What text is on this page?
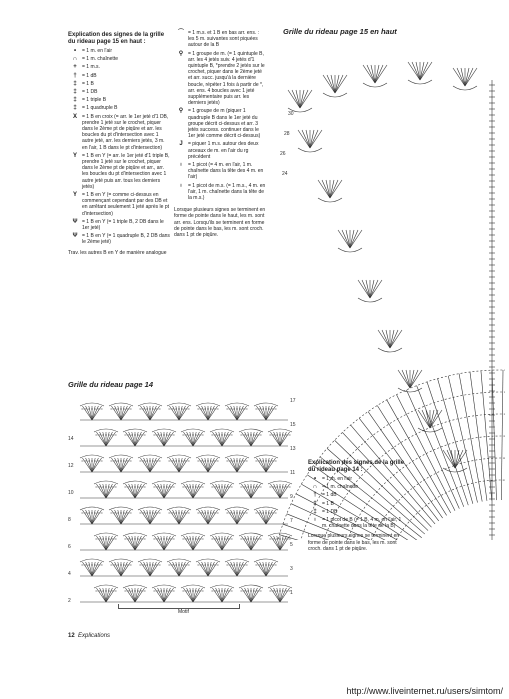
Explication des signes de la grille du rideau page 15 en haut :
•	= 1 m. en l'air
∩ = 1 m. chaînette
+	= 1 m.s.
†	= 1 dB
‡	= 1 B
‡	= 1 DB
‡	= 1 triple B
‡	= 1 quadruple B
X	= 1 B en croix (= arr. le 1er jeté d'1 DB, prendre 1 jeté sur le crochet, piquer dans le 2ème pt de piqûre et arr. les boucles du pt d'intersection avec 1 autre jeté, arr. les derniers jetés, 3 m. en l'air, 1 B dans le pt d'intersection)
Y	= 1 B en Y (= arr. le 1er jeté d'1 triple B, prendre 1 jeté sur le crochet, piquer dans le 2ème pt de piqûre et arr., arr. les boucles du pt d'intersection avec 1 autre jeté puis arr. tous les derniers jetés)
Y	= 1 B en Y (= comme ci-dessus en commençant cependant par des DB et en arrêtant seulement 1 jeté après le pt d'intersection)
Ψ = 1 B en Y (= 1 triple B, 2 DB dans le 1er jeté)
Ψ = 1 B en Y (= 1 quadruple B, 2 DB dans le 2ème jeté)
Trav. les autres B en Y de manière analogue
⌒ = 1 m.s. et 1 B en bas arr. ens. : les 5 m. suivantes sont piquées autour de la B
⚲ = 1 groupe de m. (= 1 quintuple B, arr. les 4 jetés suiv. 4 jetés d'1 quintuple B, *prendre 2 jetés sur le crochet, piquer dans le 2ème jeté et arr. succ. jusqu'à la dernière boucle, répéter 1 fois à partir de *, arr. ens. 4 boucles avec 1 jeté supplémentaire puis arr. les derniers jetés)
⚲ = 1 groupe de m (piquer 1 quadruple B dans le 1er jeté du groupe décrit ci-dessus et arr. 3 jetés success. continuer dans le 1er jeté comme décrit ci-dessus)
J	= piquer 1 m.s. autour des deux arceaux de m. en l'air du rg précédent
♁ = 1 picot (= 4 m. en l'air, 1 m. chaînette dans la tête des 4 m. en l'air)
♁ = 1 picot de m.s. (= 1 m.s., 4 m. en l'air, 1 m. chaînette dans la tête de la m.s.)
Lorsque plusieurs signes se terminent en forme de pointe dans le haut, les m. sont arr. ens. Lorsqu'ils se terminent en forme de pointe dans le bas, les m. sont croch. dans 1 pt de piqûre.
Grille du rideau page 15 en haut
30
28
26
24
Grille du rideau page 14
14
12
10
8
6
4
2
17
15
13
11
9
7
5
3
1
Motif
Explication des signes de la grille du rideau page 14 :
•	= 1 m. en l'air
∩ = 1 m. chaînette
†	= 1 dB
‡	= 1 B
‡	= 1 DB
♁ = 1 picot de B (= 1 B, 4 m. en l'air, 1 m. chaînette dans la tête de la B)
Lorsque plusieurs signes se terminent en forme de pointe dans le bas, les m. sont croch. dans 1 pt de piqûre.
12 Explications
http://www.liveinternet.ru/users/simtom/
